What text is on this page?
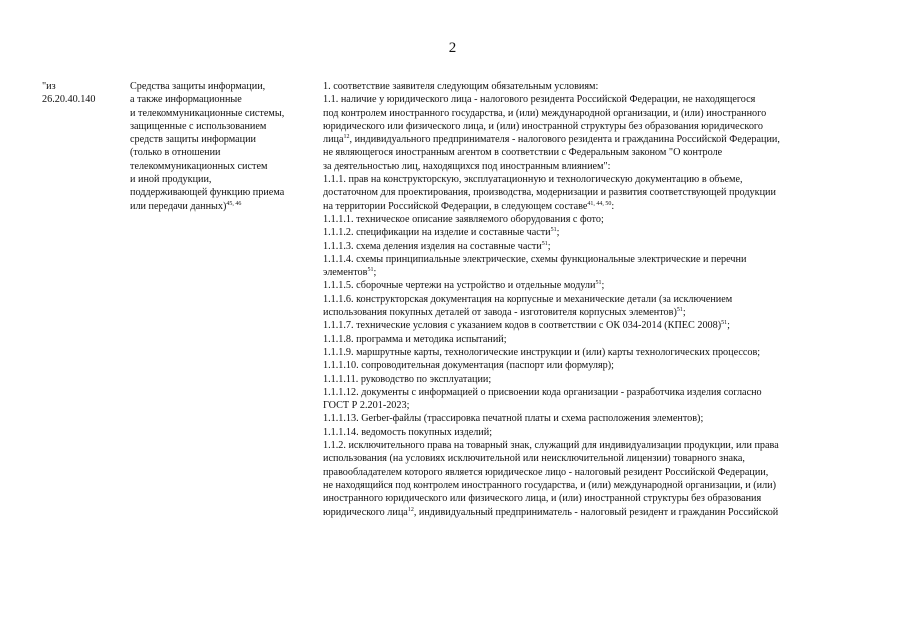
2
"из
26.20.40.140
Средства защиты информации,
а также информационные
и телекоммуникационные системы,
защищенные с использованием
средств защиты информации
(только в отношении
телекоммуникационных систем
и иной продукции,
поддерживающей функцию приема
или передачи данных)$^{45, 46}$
1. соответствие заявителя следующим обязательным условиям:
1.1. наличие у юридического лица - налогового резидента Российской Федерации, не находящегося
под контролем иностранного государства, и (или) международной организации, и (или) иностранного
юридического или физического лица, и (или) иностранной структуры без образования юридического
лица$^{12}$, индивидуального предпринимателя - налогового резидента и гражданина Российской Федерации,
не являющегося иностранным агентом в соответствии с Федеральным законом "О контроле
за деятельностью лиц, находящихся под иностранным влиянием":
1.1.1. прав на конструкторскую, эксплуатационную и технологическую документацию в объеме,
достаточном для проектирования, производства, модернизации и развития соответствующей продукции
на территории Российской Федерации, в следующем составе$^{41, 44, 50}$:
1.1.1.1. техническое описание заявляемого оборудования с фото;
1.1.1.2. спецификации на изделие и составные части$^{51}$;
1.1.1.3. схема деления изделия на составные части$^{51}$;
1.1.1.4. схемы принципиальные электрические, схемы функциональные электрические и перечни
элементов$^{51}$;
1.1.1.5. сборочные чертежи на устройство и отдельные модули$^{51}$;
1.1.1.6. конструкторская документация на корпусные и механические детали (за исключением
использования покупных деталей от завода - изготовителя корпусных элементов)$^{51}$;
1.1.1.7. технические условия с указанием кодов в соответствии с ОК 034-2014 (КПЕС 2008)$^{51}$;
1.1.1.8. программа и методика испытаний;
1.1.1.9. маршрутные карты, технологические инструкции и (или) карты технологических процессов;
1.1.1.10. сопроводительная документация (паспорт или формуляр);
1.1.1.11. руководство по эксплуатации;
1.1.1.12. документы с информацией о присвоении кода организации - разработчика изделия согласно
ГОСТ Р 2.201-2023;
1.1.1.13. Gerber-файлы (трассировка печатной платы и схема расположения элементов);
1.1.1.14. ведомость покупных изделий;
1.1.2. исключительного права на товарный знак, служащий для индивидуализации продукции, или права
использования (на условиях исключительной или неисключительной лицензии) товарного знака,
правообладателем которого является юридическое лицо - налоговый резидент Российской Федерации,
не находящийся под контролем иностранного государства, и (или) международной организации, и (или)
иностранного юридического или физического лица, и (или) иностранной структуры без образования
юридического лица$^{12}$, индивидуальный предприниматель - налоговый резидент и гражданин Российской
